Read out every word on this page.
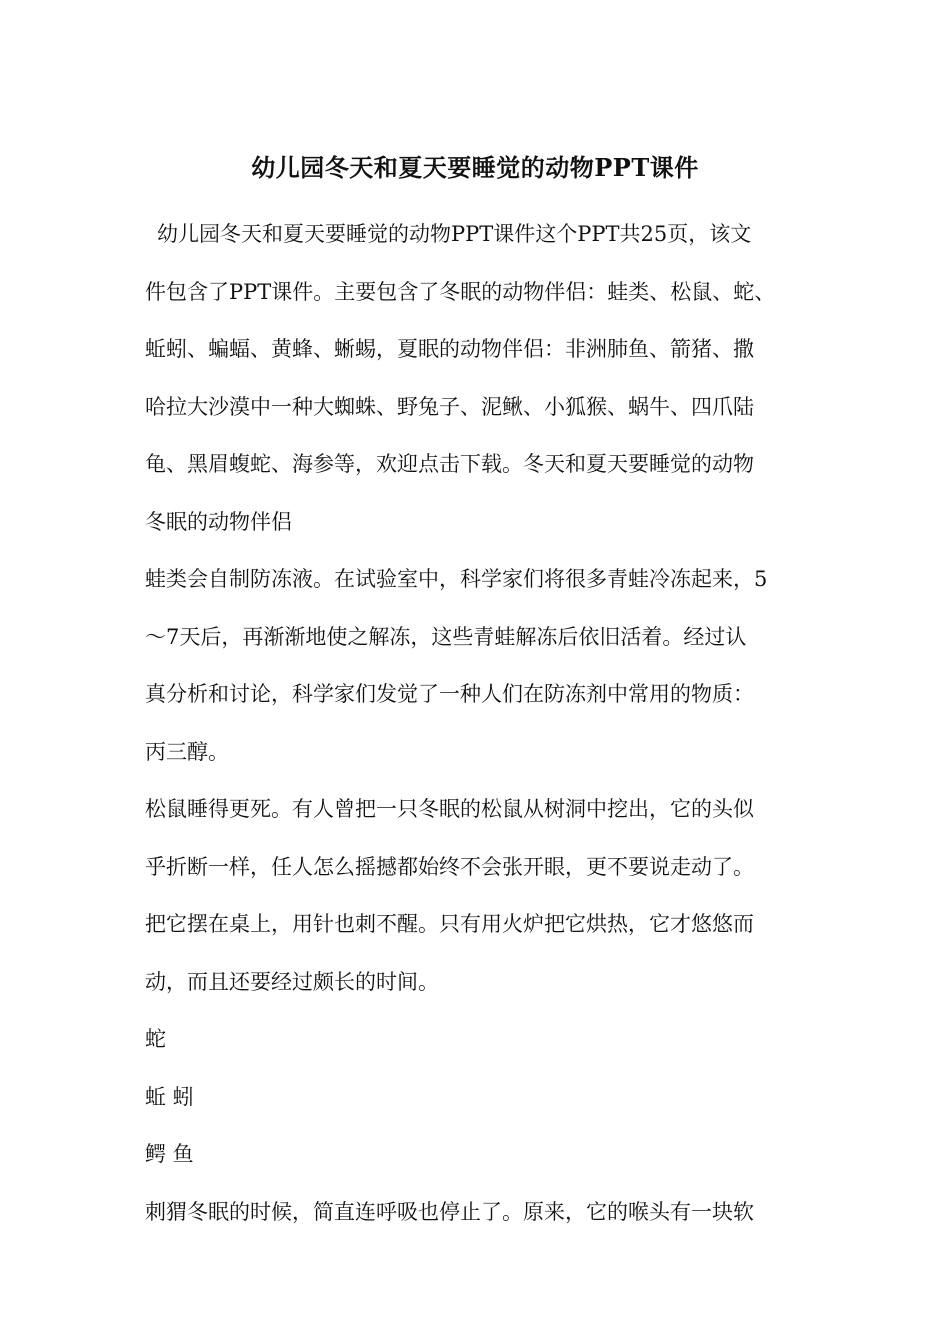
幼儿园冬天和夏天要睡觉的动物PPT课件

幼儿园冬天和夏天要睡觉的动物PPT课件这个PPT共25页，该文
件包含了PPT课件。主要包含了冬眠的动物伴侣：蛙类、松鼠、蛇、
蚯蚓、蝙蝠、黄蜂、蜥蜴，夏眠的动物伴侣：非洲肺鱼、箭猪、撒
哈拉大沙漠中一种大蜘蛛、野兔子、泥鳅、小狐猴、蜗牛、四爪陆
龟、黑眉蝮蛇、海参等，欢迎点击下载。冬天和夏天要睡觉的动物

冬眠的动物伴侣

蛙类会自制防冻液。在试验室中，科学家们将很多青蛙冷冻起来，5
～7天后，再渐渐地使之解冻，这些青蛙解冻后依旧活着。经过认
真分析和讨论，科学家们发觉了一种人们在防冻剂中常用的物质：
丙三醇。

松鼠睡得更死。有人曾把一只冬眠的松鼠从树洞中挖出，它的头似
乎折断一样，任人怎么摇撼都始终不会张开眼，更不要说走动了。
把它摆在桌上，用针也刺不醒。只有用火炉把它烘热，它才悠悠而
动，而且还要经过颇长的时间。

蛇

蚯 蚓

鳄 鱼

刺猬冬眠的时候，简直连呼吸也停止了。原来，它的喉头有一块软
